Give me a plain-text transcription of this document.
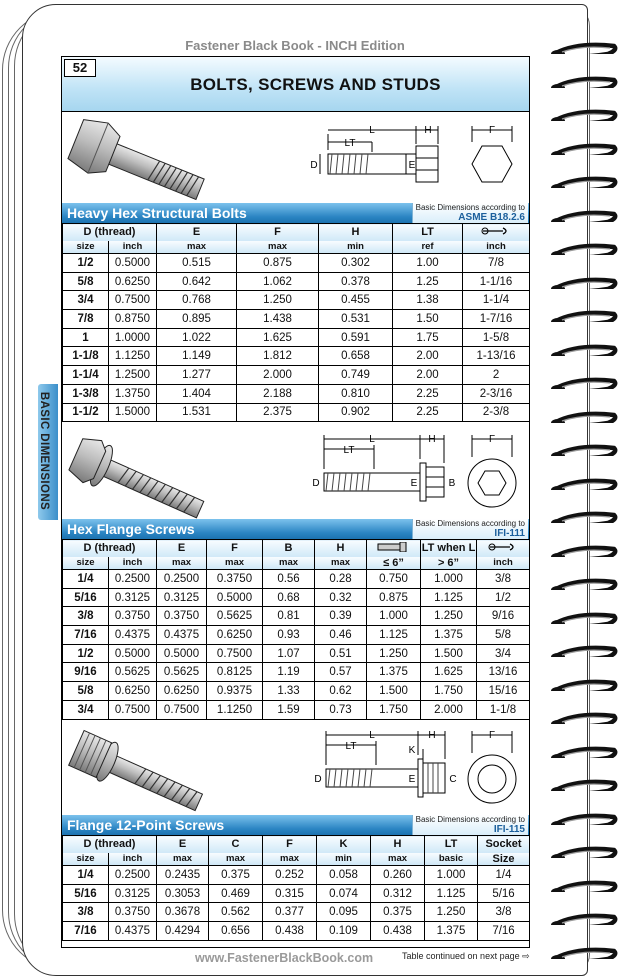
Fastener Black Book - INCH Edition
BASIC DIMENSIONS
52
BOLTS, SCREWS AND STUDS
L	H
LT
D	E
F
Heavy Hex Structural Bolts	Basic Dimensions according to
ASME B18.2.6
D (thread)		E	F	H	LT	
size	inch	max	max	min	ref	inch
1/2	0.5000	0.515	0.875	0.302	1.00	7/8
5/8	0.6250	0.642	1.062	0.378	1.25	1-1/16
3/4	0.7500	0.768	1.250	0.455	1.38	1-1/4
7/8	0.8750	0.895	1.438	0.531	1.50	1-7/16
1	1.0000	1.022	1.625	0.591	1.75	1-5/8
1-1/8	1.1250	1.149	1.812	0.658	2.00	1-13/16
1-1/4	1.2500	1.277	2.000	0.749	2.00	2
1-3/8	1.3750	1.404	2.188	0.810	2.25	2-3/16
1-1/2	1.5000	1.531	2.375	0.902	2.25	2-3/8
L	H
LT
D	E	B
F
Hex Flange Screws	Basic Dimensions according to
IFI-111
D (thread)		E	F	B	H		LT when L	
size	inch	max	max	max	max	≤ 6”	> 6”	inch
1/4	0.2500	0.2500	0.3750	0.56	0.28	0.750	1.000	3/8
5/16	0.3125	0.3125	0.5000	0.68	0.32	0.875	1.125	1/2
3/8	0.3750	0.3750	0.5625	0.81	0.39	1.000	1.250	9/16
7/16	0.4375	0.4375	0.6250	0.93	0.46	1.125	1.375	5/8
1/2	0.5000	0.5000	0.7500	1.07	0.51	1.250	1.500	3/4
9/16	0.5625	0.5625	0.8125	1.19	0.57	1.375	1.625	13/16
5/8	0.6250	0.6250	0.9375	1.33	0.62	1.500	1.750	15/16
3/4	0.7500	0.7500	1.1250	1.59	0.73	1.750	2.000	1-1/8
L	H
K
LT
D	E	C
F
Flange 12-Point Screws	Basic Dimensions according to
IFI-115
D (thread)		E	C	F	K	H	LT	Socket
size	inch	max	max	max	min	max	basic	Size
1/4	0.2500	0.2435	0.375	0.252	0.058	0.260	1.000	1/4
5/16	0.3125	0.3053	0.469	0.315	0.074	0.312	1.125	5/16
3/8	0.3750	0.3678	0.562	0.377	0.095	0.375	1.250	3/8
7/16	0.4375	0.4294	0.656	0.438	0.109	0.438	1.375	7/16
www.FastenerBlackBook.com	Table continued on next page ⇨
